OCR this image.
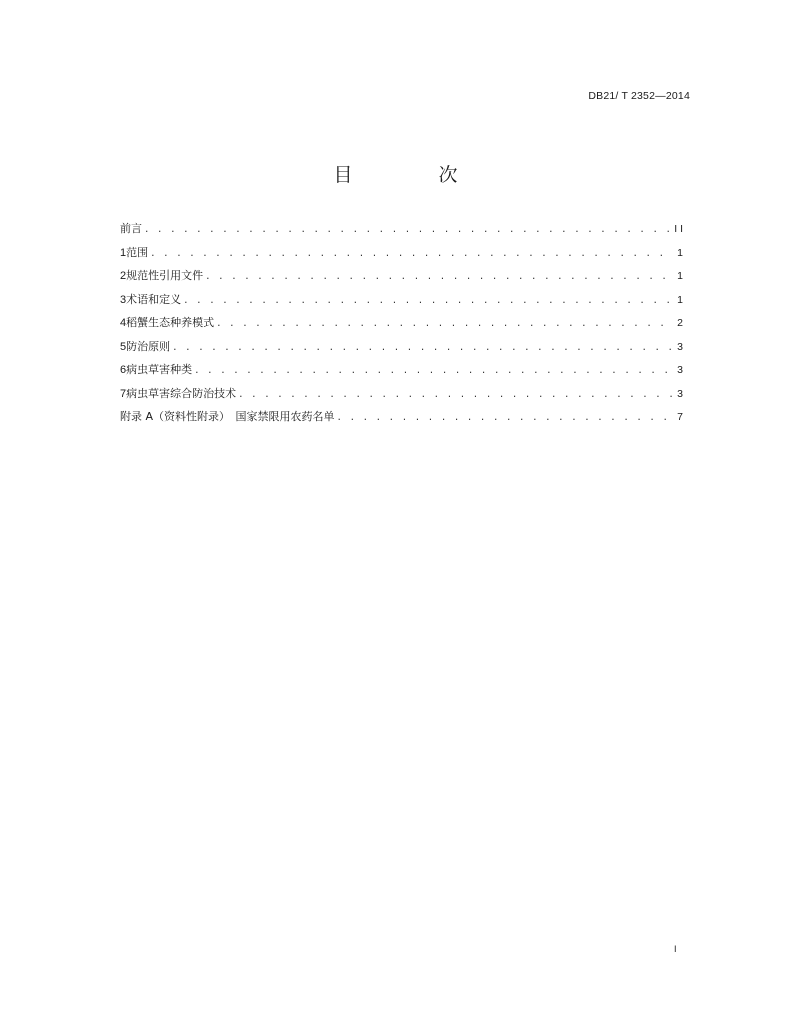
DB21/ T 2352—2014
目 次
前言 . . .	I I
1 范围 . . .	1
2 规范性引用文件 . . .	1
3 术语和定义 . . .	1
4 稻蟹生态种养模式 . . .	2
5 防治原则 . . .	3
6 病虫草害种类 . . .	3
7 病虫草害综合防治技术 . . .	3
附录 A（资料性附录）　国家禁限用农药名单 . . .	7
I
